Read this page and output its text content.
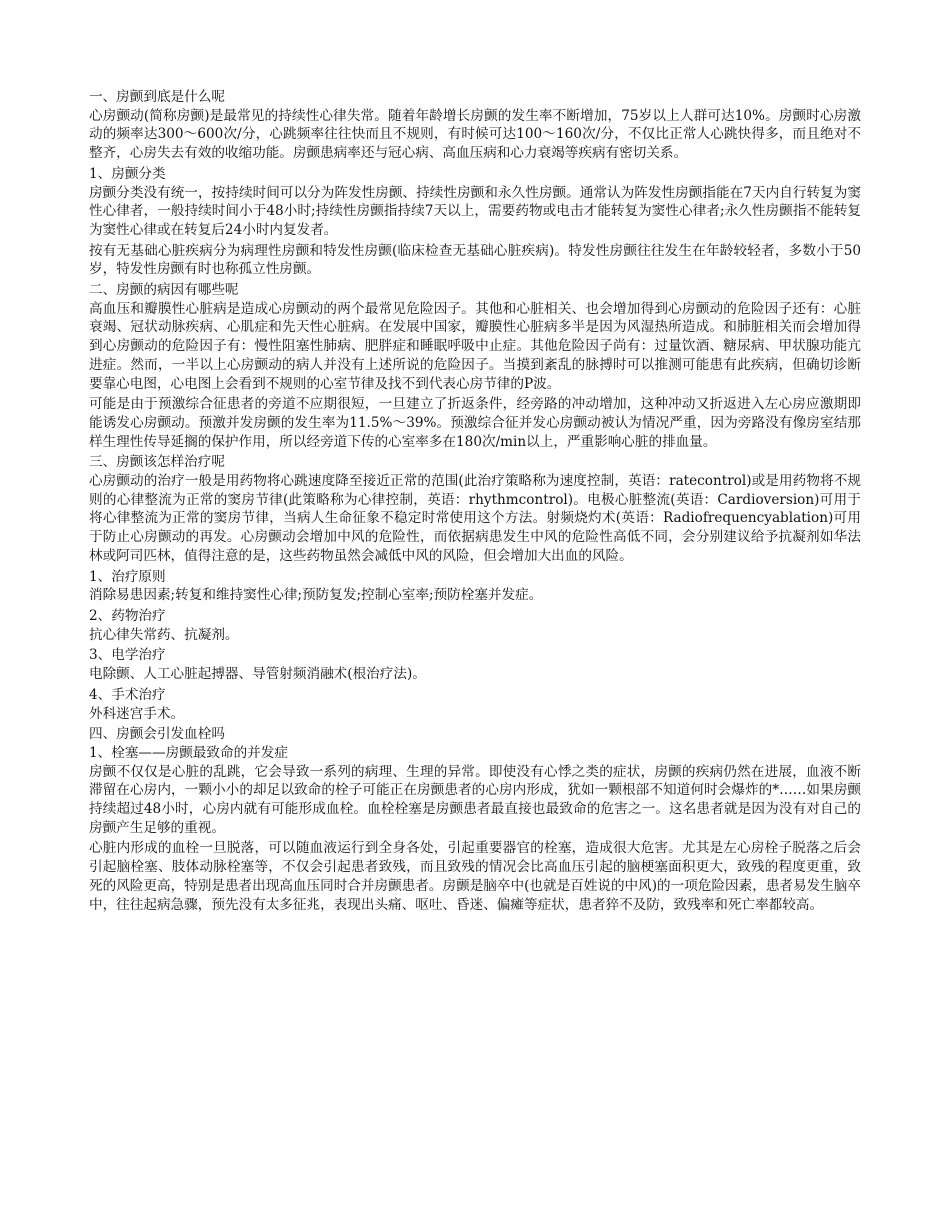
一、房颤到底是什么呢

心房颤动(简称房颤)是最常见的持续性心律失常。随着年龄增长房颤的发生率不断增加，75岁以上人群可达10%。房颤时心房激动的频率达300～600次/分，心跳频率往往快而且不规则，有时候可达100～160次/分，不仅比正常人心跳快得多，而且绝对不整齐，心房失去有效的收缩功能。房颤患病率还与冠心病、高血压病和心力衰竭等疾病有密切关系。

1、房颤分类

房颤分类没有统一，按持续时间可以分为阵发性房颤、持续性房颤和永久性房颤。通常认为阵发性房颤指能在7天内自行转复为窦性心律者，一般持续时间小于48小时;持续性房颤指持续7天以上，需要药物或电击才能转复为窦性心律者;永久性房颤指不能转复为窦性心律或在转复后24小时内复发者。

按有无基础心脏疾病分为病理性房颤和特发性房颤(临床检查无基础心脏疾病)。特发性房颤往往发生在年龄较轻者，多数小于50岁，特发性房颤有时也称孤立性房颤。

二、房颤的病因有哪些呢

高血压和瓣膜性心脏病是造成心房颤动的两个最常见危险因子。其他和心脏相关、也会增加得到心房颤动的危险因子还有：心脏衰竭、冠状动脉疾病、心肌症和先天性心脏病。在发展中国家，瓣膜性心脏病多半是因为风湿热所造成。和肺脏相关而会增加得到心房颤动的危险因子有：慢性阻塞性肺病、肥胖症和睡眠呼吸中止症。其他危险因子尚有：过量饮酒、糖尿病、甲状腺功能亢进症。然而，一半以上心房颤动的病人并没有上述所说的危险因子。当摸到紊乱的脉搏时可以推测可能患有此疾病，但确切诊断要靠心电图，心电图上会看到不规则的心室节律及找不到代表心房节律的P波。

可能是由于预激综合征患者的旁道不应期很短，一旦建立了折返条件，经旁路的冲动增加，这种冲动又折返进入左心房应激期即能诱发心房颤动。预激并发房颤的发生率为11.5%～39%。预激综合征并发心房颤动被认为情况严重，因为旁路没有像房室结那样生理性传导延搁的保护作用，所以经旁道下传的心室率多在180次/min以上，严重影响心脏的排血量。

三、房颤该怎样治疗呢

心房颤动的治疗一般是用药物将心跳速度降至接近正常的范围(此治疗策略称为速度控制，英语：ratecontrol)或是用药物将不规则的心律整流为正常的窦房节律(此策略称为心律控制，英语：rhythmcontrol)。电极心脏整流(英语：Cardioversion)可用于将心律整流为正常的窦房节律，当病人生命征象不稳定时常使用这个方法。射频烧灼术(英语：Radiofrequencyablation)可用于防止心房颤动的再发。心房颤动会增加中风的危险性，而依据病患发生中风的危险性高低不同，会分别建议给予抗凝剂如华法林或阿司匹林，值得注意的是，这些药物虽然会减低中风的风险，但会增加大出血的风险。

1、治疗原则

消除易患因素;转复和维持窦性心律;预防复发;控制心室率;预防栓塞并发症。

2、药物治疗

抗心律失常药、抗凝剂。

3、电学治疗

电除颤、人工心脏起搏器、导管射频消融术(根治疗法)。

4、手术治疗

外科迷宫手术。

四、房颤会引发血栓吗
1、栓塞——房颤最致命的并发症

房颤不仅仅是心脏的乱跳，它会导致一系列的病理、生理的异常。即使没有心悸之类的症状，房颤的疾病仍然在进展，血液不断滞留在心房内，一颗小小的却足以致命的栓子可能正在房颤患者的心房内形成，犹如一颗根部不知道何时会爆炸的*……如果房颤持续超过48小时，心房内就有可能形成血栓。血栓栓塞是房颤患者最直接也最致命的危害之一。这名患者就是因为没有对自己的房颤产生足够的重视。

心脏内形成的血栓一旦脱落，可以随血液运行到全身各处，引起重要器官的栓塞，造成很大危害。尤其是左心房栓子脱落之后会引起脑栓塞、肢体动脉栓塞等，不仅会引起患者致残，而且致残的情况会比高血压引起的脑梗塞面积更大，致残的程度更重，致死的风险更高，特别是患者出现高血压同时合并房颤患者。房颤是脑卒中(也就是百姓说的中风)的一项危险因素，患者易发生脑卒中，往往起病急骤，预先没有太多征兆，表现出头痛、呕吐、昏迷、偏瘫等症状，患者猝不及防，致残率和死亡率都较高。
